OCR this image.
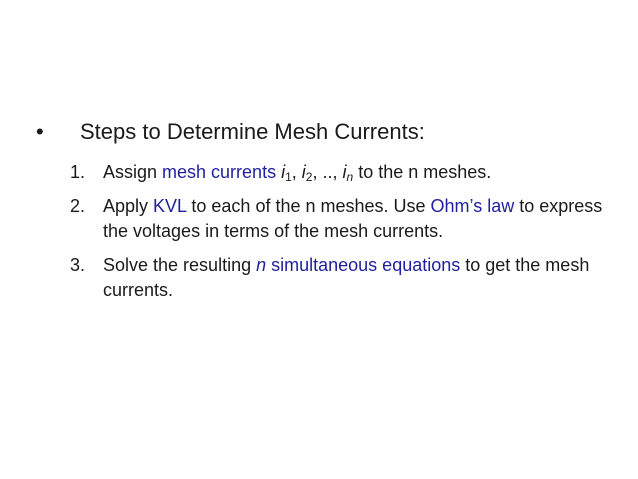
• Steps to Determine Mesh Currents:
1. Assign mesh currents $i_1$, $i_2$, .., $i_n$ to the n meshes.
2. Apply KVL to each of the n meshes. Use Ohm’s law to express the voltages in terms of the mesh currents.
3. Solve the resulting n simultaneous equations to get the mesh currents.
